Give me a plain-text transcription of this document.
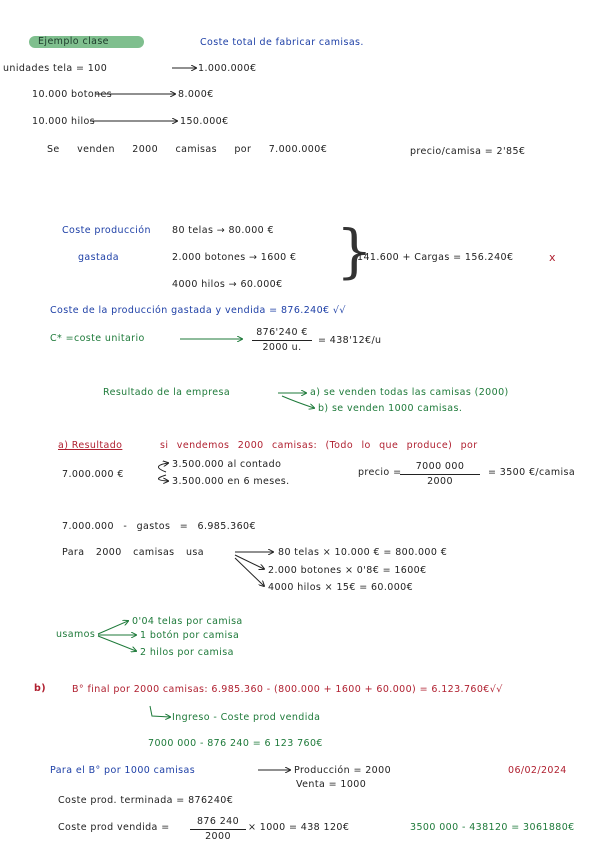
Ejemplo clase	Coste total de fabricar camisas.
unidades tela = 100	1.000.000€
10.000 botones	8.000€
10.000 hilos	150.000€
Se venden 2000 camisas por 7.000.000€	precio/camisa = 2'85€
Coste producción
gastada
80 telas → 80.000 €
2.000 botones → 1600 €
4000 hilos → 60.000€ }
141.600 + Cargas = 156.240€	x
Coste de la producción gastada y vendida = 876.240€ √√
C* =coste unitario
876'240 €
2000 u.
= 438'12€/u
Resultado de la empresa	a) se venden todas las camisas (2000)
b) se venden 1000 camisas.
a) Resultado	si vendemos 2000 camisas: (Todo lo que produce) por
7.000.000 €
3.500.000 al contado
3.500.000 en 6 meses.
precio =
7000 000
2000
= 3500 €/camisa
7.000.000 - gastos = 6.985.360€
Para 2000 camisas usa	80 telas × 10.000 € = 800.000 €
2.000 botones × 0'8€ = 1600€
4000 hilos × 15€ = 60.000€
usamos
0'04 telas por camisa
1 botón por camisa
2 hilos por camisa
b)	B° final por 2000 camisas: 6.985.360 - (800.000 + 1600 + 60.000) = 6.123.760€√√
Ingreso - Coste prod vendida
7000 000 - 876 240 = 6 123 760€
Para el B° por 1000 camisas	Producción = 2000
Venta = 1000
06/02/2024
Coste prod. terminada = 876240€
Coste prod vendida =
876 240
2000
× 1000 = 438 120€	3500 000 - 438120 = 3061880€
